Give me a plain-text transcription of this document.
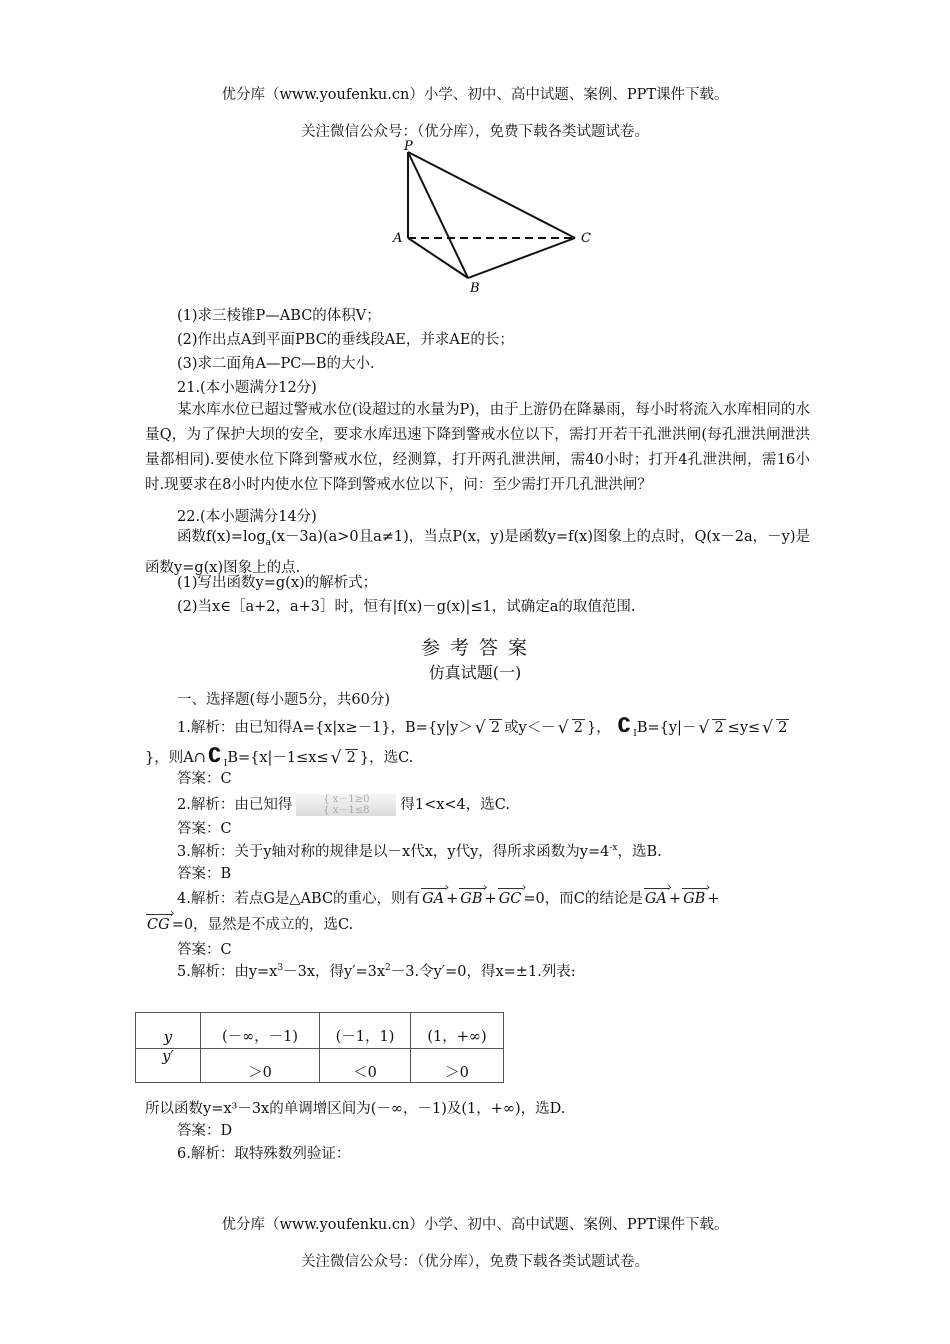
优分库（www.youfenku.cn）小学、初中、高中试题、案例、PPT课件下载。
关注微信公众号：（优分库），免费下载各类试题试卷。
P
A
B
C
(1)求三棱锥P—ABC的体积V；
(2)作出点A到平面PBC的垂线段AE，并求AE的长；
(3)求二面角A—PC—B的大小.
21.(本小题满分12分)
某水库水位已超过警戒水位(设超过的水量为P)，由于上游仍在降暴雨，每小时将流入水库相同的水量Q，为了保护大坝的安全，要求水库迅速下降到警戒水位以下，需打开若干孔泄洪闸(每孔泄洪闸泄洪量都相同).要使水位下降到警戒水位，经测算，打开两孔泄洪闸，需40小时；打开4孔泄洪闸，需16小时.现要求在8小时内使水位下降到警戒水位以下，问：至少需打开几孔泄洪闸？
22.(本小题满分14分)
函数$f(x)=\log_a(x-3a)(a>0$且a≠1)，当点P(x，y)是函数y=f(x)图象上的点时，Q(x－2a，－y)是函数y=g(x)图象上的点.
(1)写出函数y=g(x)的解析式；
(2)当x∈［a+2，a+3］时，恒有|f(x)－g(x)|≤1，试确定a的取值范围.
参 考 答 案
仿真试题(一)
一、选择题(每小题5分，共60分)
1.解析：由已知得A={x|x≥－1}，B={y|y＞ √ 2 或y＜－ √ 2 }， ∁ $_I$B={y|－ √ 2 ≤y≤ √ 2
}，则A∩ ∁ $_I$B={x|－1≤x≤ √ 2 }，选C.
答案：C
2.解析：由已知得	{ x－1≥0
{ x－1≤8 得1<x<4，选C.
答案：C
3.解析：关于y轴对称的规律是以－x代x，y代y，得所求函数为$y=4^{-x}$，选B.
答案：B
4.解析：若点G是△ABC的重心，则有 GA › + GB › + GC › =0，而C的结论是 GA › + GB › +
CG › =0，显然是不成立的，选C.
答案：C
5.解析：由$y=x^3-3x$，得$y'=3x^2-3$.令y′=0，得x=±1.列表:
y	(－∞，－1)	(－1，1)	(1，+∞)
y′	＞0	＜0	＞0
所以函数y=x³－3x的单调增区间为(－∞，－1)及(1，+∞)，选D.
答案：D
6.解析：取特殊数列验证：
优分库（www.youfenku.cn）小学、初中、高中试题、案例、PPT课件下载。
关注微信公众号：（优分库），免费下载各类试题试卷。
